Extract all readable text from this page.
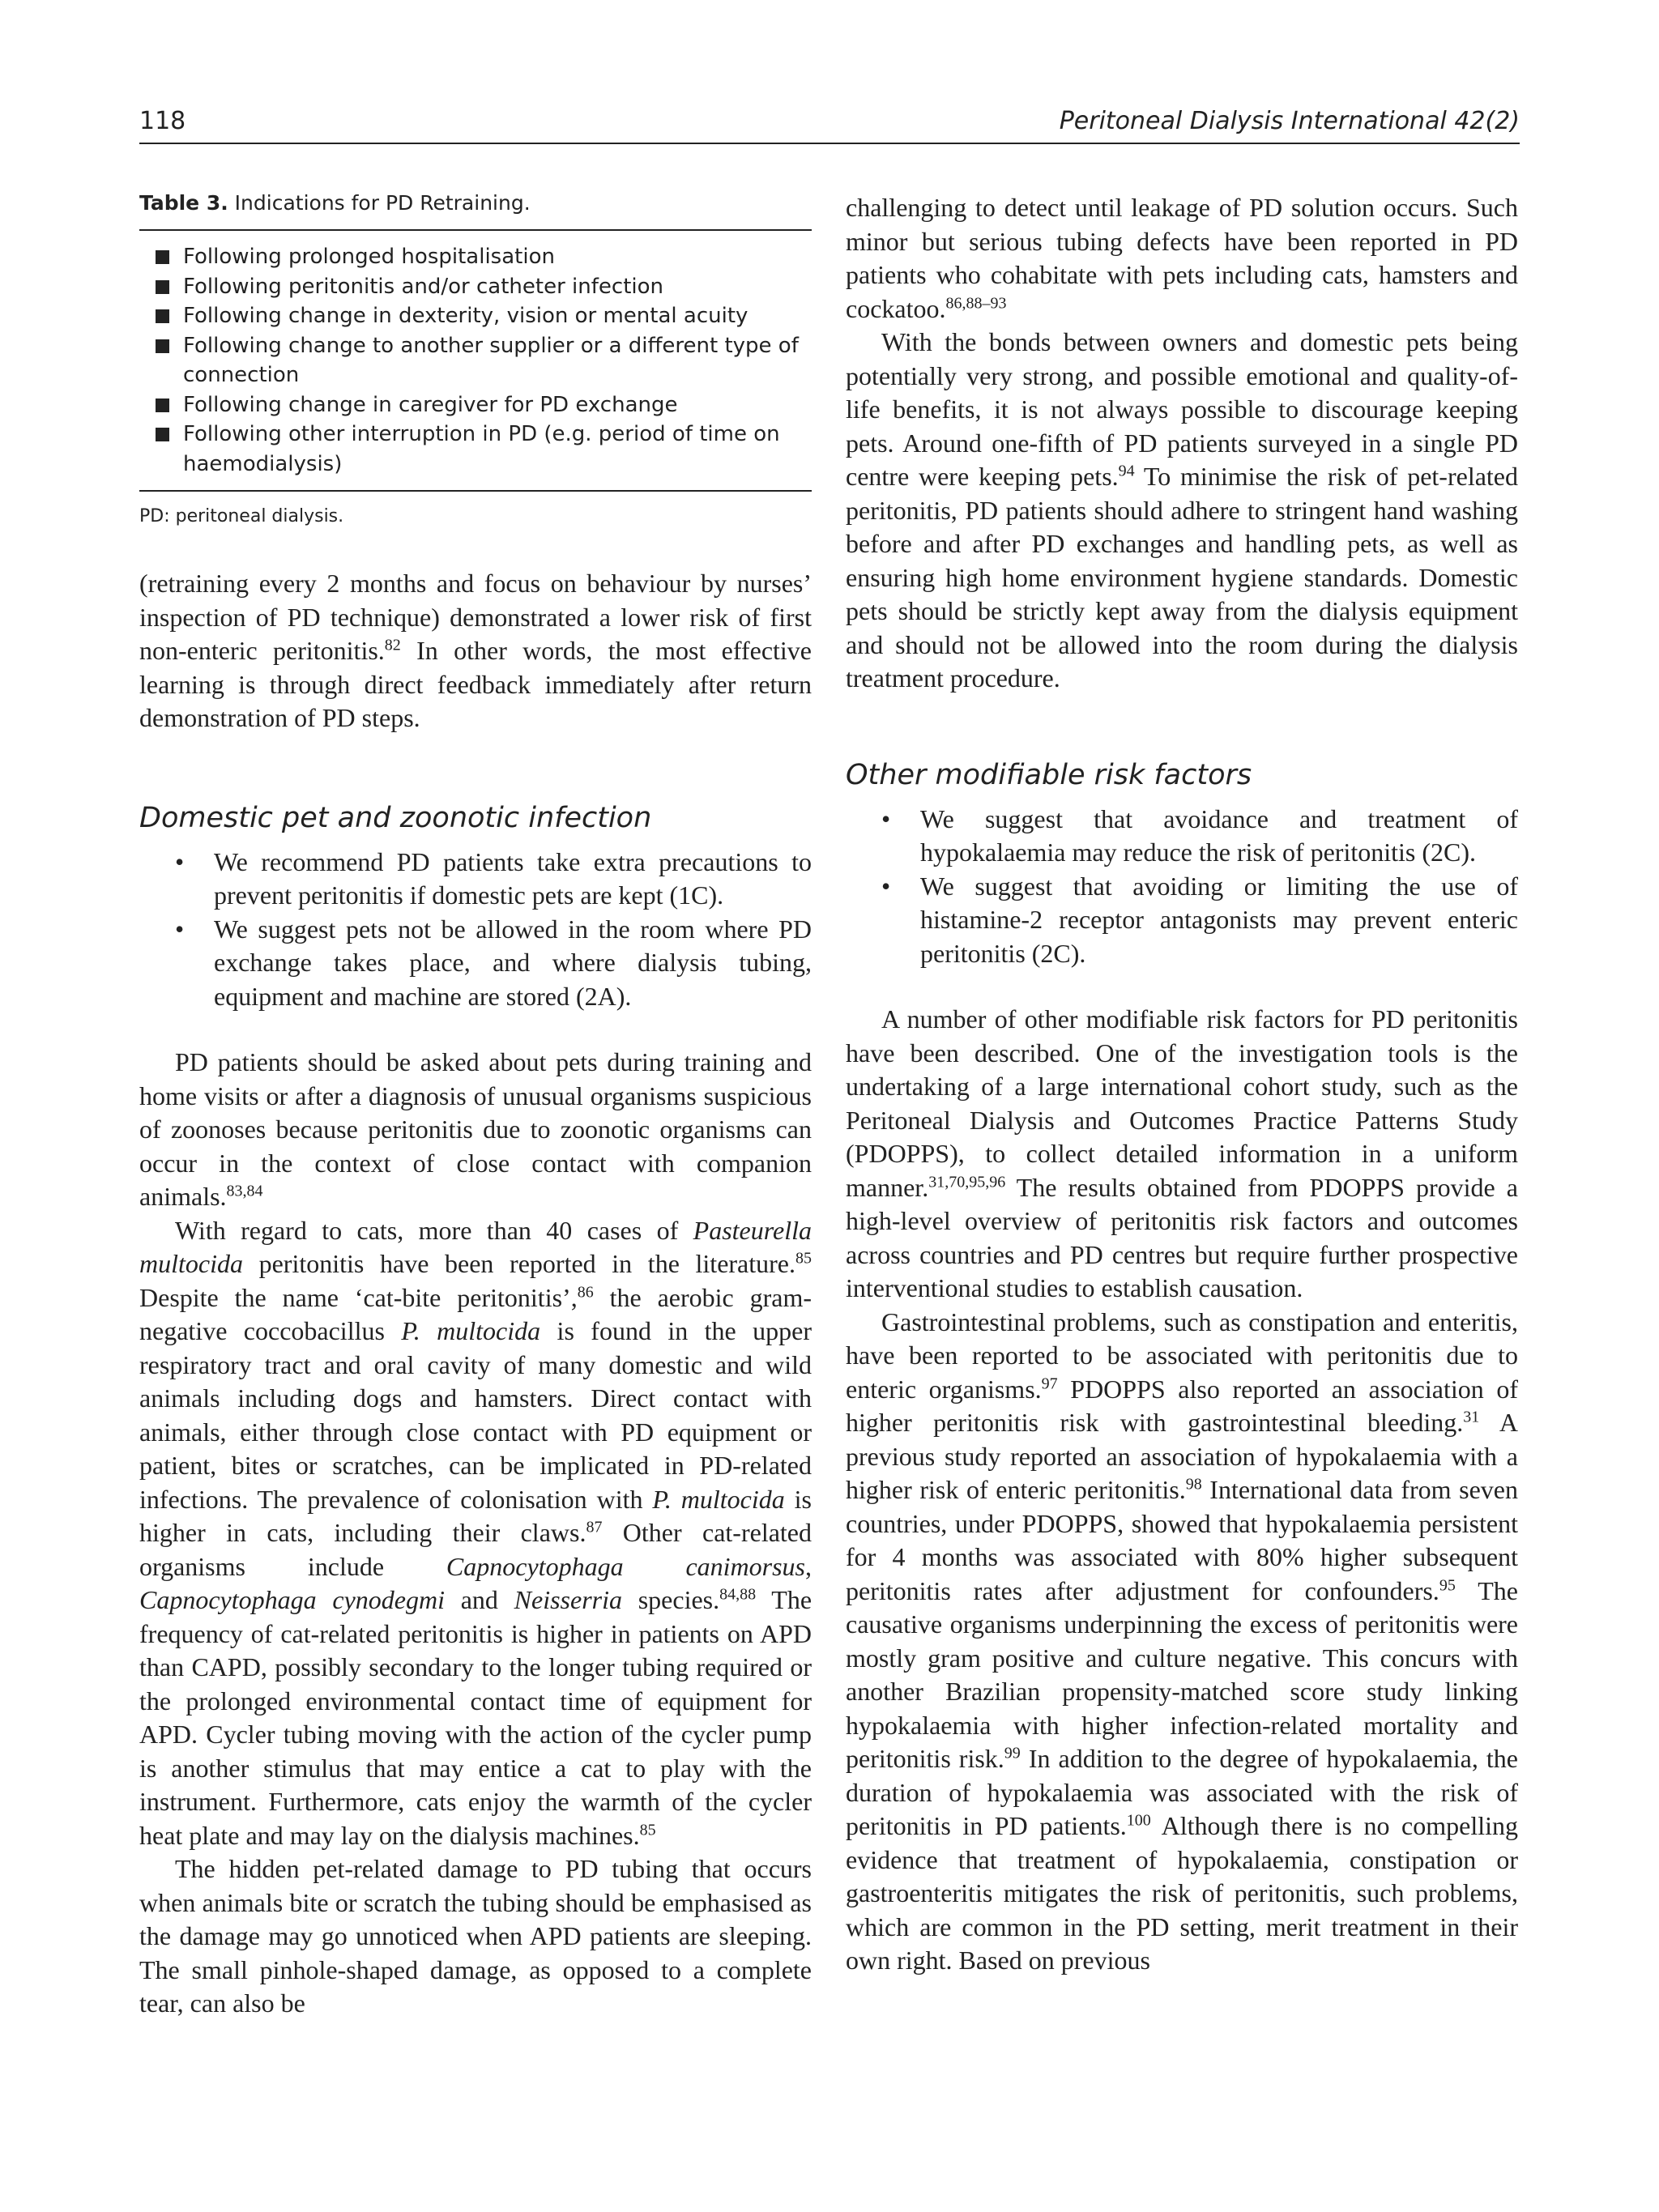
118	Peritoneal Dialysis International 42(2)

Table 3. Indications for PD Retraining.

Following prolonged hospitalisation
Following peritonitis and/or catheter infection
Following change in dexterity, vision or mental acuity
Following change to another supplier or a different type of connection
Following change in caregiver for PD exchange
Following other interruption in PD (e.g. period of time on haemodialysis)

PD: peritoneal dialysis.

(retraining every 2 months and focus on behaviour by nurses’ inspection of PD technique) demonstrated a lower risk of first non-enteric peritonitis.$^{82}$ In other words, the most effective learning is through direct feedback immediately after return demonstration of PD steps.

Domestic pet and zoonotic infection
• We recommend PD patients take extra precautions to prevent peritonitis if domestic pets are kept (1C).
• We suggest pets not be allowed in the room where PD exchange takes place, and where dialysis tubing, equipment and machine are stored (2A).

PD patients should be asked about pets during training and home visits or after a diagnosis of unusual organisms suspicious of zoonoses because peritonitis due to zoonotic organisms can occur in the context of close contact with companion animals.$^{83,84}$

With regard to cats, more than 40 cases of Pasteurella multocida peritonitis have been reported in the literature.$^{85}$ Despite the name ‘cat-bite peritonitis’,$^{86}$ the aerobic gram-negative coccobacillus P. multocida is found in the upper respiratory tract and oral cavity of many domestic and wild animals including dogs and hamsters. Direct contact with animals, either through close contact with PD equipment or patient, bites or scratches, can be implicated in PD-related infections. The prevalence of colonisation with P. multocida is higher in cats, including their claws.$^{87}$ Other cat-related organisms include Capnocytophaga canimorsus, Capnocytophaga cynodegmi and Neisserria species.$^{84,88}$ The frequency of cat-related peritonitis is higher in patients on APD than CAPD, possibly secondary to the longer tubing required or the prolonged environmental contact time of equipment for APD. Cycler tubing moving with the action of the cycler pump is another stimulus that may entice a cat to play with the instrument. Furthermore, cats enjoy the warmth of the cycler heat plate and may lay on the dialysis machines.$^{85}$

The hidden pet-related damage to PD tubing that occurs when animals bite or scratch the tubing should be emphasised as the damage may go unnoticed when APD patients are sleeping. The small pinhole-shaped damage, as opposed to a complete tear, can also be

challenging to detect until leakage of PD solution occurs. Such minor but serious tubing defects have been reported in PD patients who cohabitate with pets including cats, hamsters and cockatoo.$^{86,88-93}$

With the bonds between owners and domestic pets being potentially very strong, and possible emotional and quality-of-life benefits, it is not always possible to discourage keeping pets. Around one-fifth of PD patients surveyed in a single PD centre were keeping pets.$^{94}$ To minimise the risk of pet-related peritonitis, PD patients should adhere to stringent hand washing before and after PD exchanges and handling pets, as well as ensuring high home environment hygiene standards. Domestic pets should be strictly kept away from the dialysis equipment and should not be allowed into the room during the dialysis treatment procedure.

Other modifiable risk factors
• We suggest that avoidance and treatment of hypokalaemia may reduce the risk of peritonitis (2C).
• We suggest that avoiding or limiting the use of histamine-2 receptor antagonists may prevent enteric peritonitis (2C).

A number of other modifiable risk factors for PD peritonitis have been described. One of the investigation tools is the undertaking of a large international cohort study, such as the Peritoneal Dialysis and Outcomes Practice Patterns Study (PDOPPS), to collect detailed information in a uniform manner.$^{31,70,95,96}$ The results obtained from PDOPPS provide a high-level overview of peritonitis risk factors and outcomes across countries and PD centres but require further prospective interventional studies to establish causation.

Gastrointestinal problems, such as constipation and enteritis, have been reported to be associated with peritonitis due to enteric organisms.$^{97}$ PDOPPS also reported an association of higher peritonitis risk with gastrointestinal bleeding.$^{31}$ A previous study reported an association of hypokalaemia with a higher risk of enteric peritonitis.$^{98}$ International data from seven countries, under PDOPPS, showed that hypokalaemia persistent for 4 months was associated with 80% higher subsequent peritonitis rates after adjustment for confounders.$^{95}$ The causative organisms underpinning the excess of peritonitis were mostly gram positive and culture negative. This concurs with another Brazilian propensity-matched score study linking hypokalaemia with higher infection-related mortality and peritonitis risk.$^{99}$ In addition to the degree of hypokalaemia, the duration of hypokalaemia was associated with the risk of peritonitis in PD patients.$^{100}$ Although there is no compelling evidence that treatment of hypokalaemia, constipation or gastroenteritis mitigates the risk of peritonitis, such problems, which are common in the PD setting, merit treatment in their own right. Based on previous
